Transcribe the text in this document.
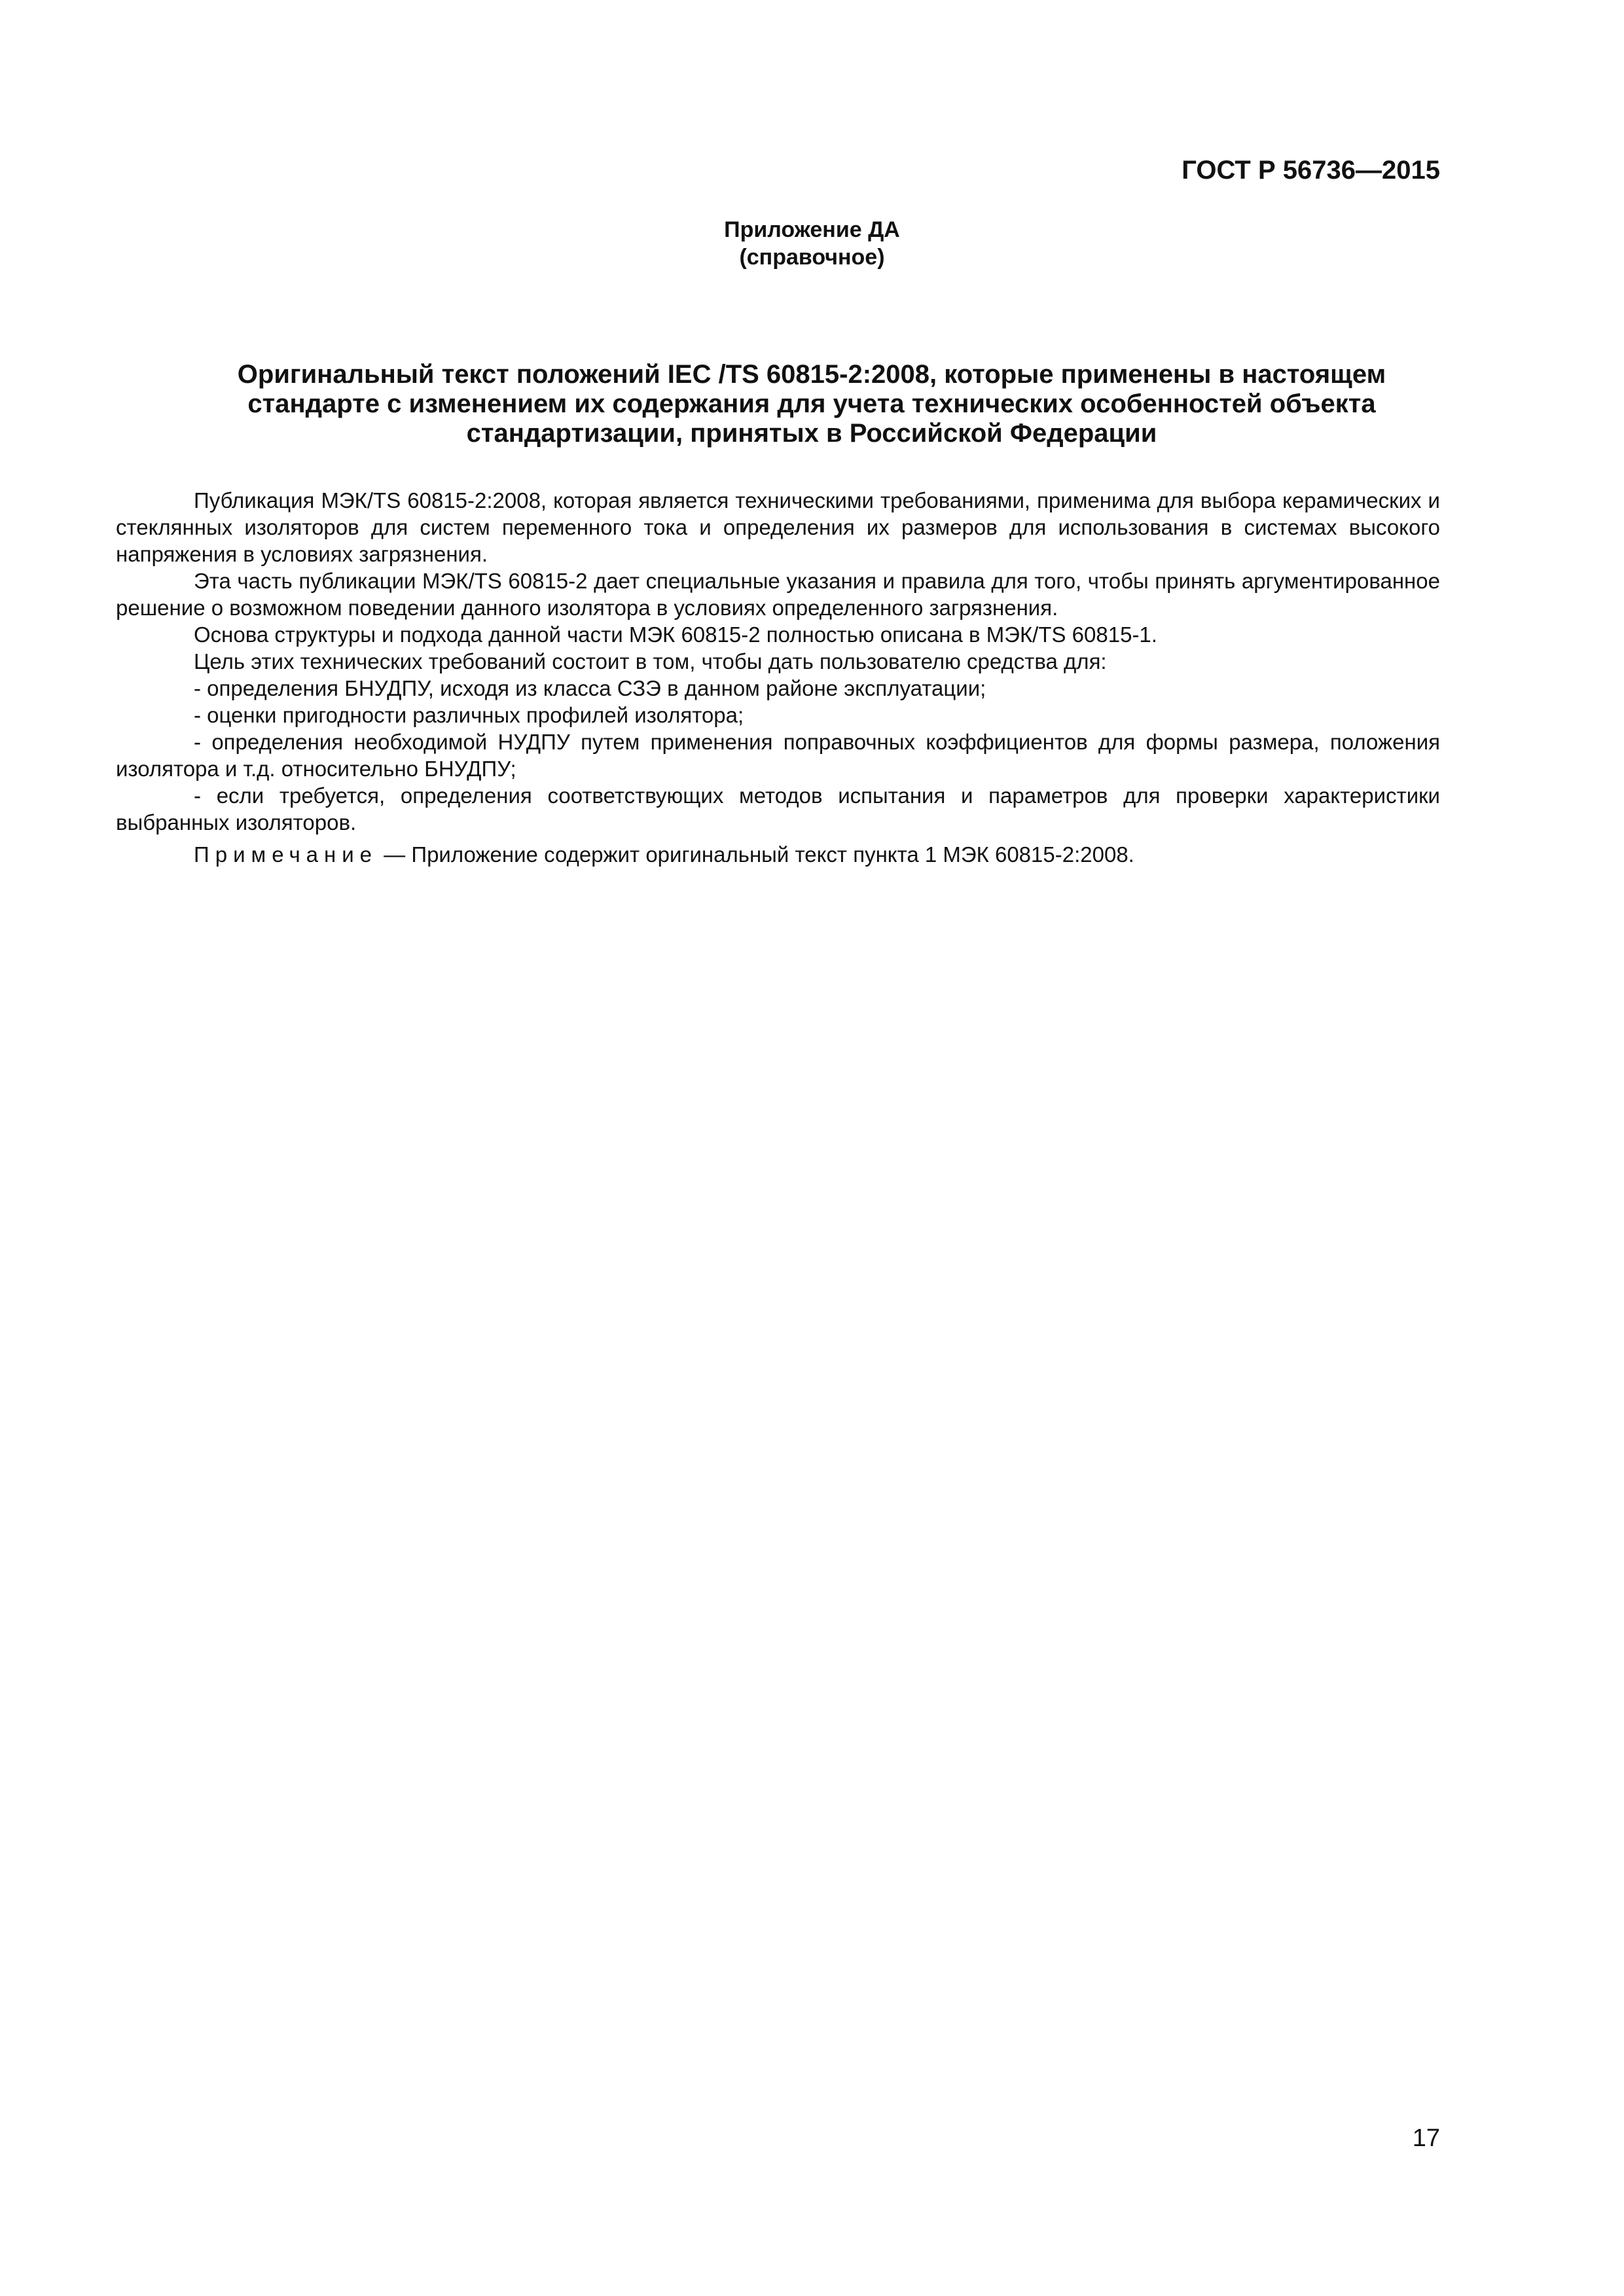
ГОСТ Р 56736—2015
Приложение ДА
(справочное)
Оригинальный текст положений IEC /TS 60815-2:2008, которые применены в настоящем
стандарте с изменением их содержания для учета технических особенностей объекта
стандартизации, принятых в Российской Федерации

Публикация МЭК/TS 60815-2:2008, которая является техническими требованиями, применима для выбора керамических и стеклянных изоляторов для систем переменного тока и определения их размеров для использования в системах высокого напряжения в условиях загрязнения.

Эта часть публикации МЭК/TS 60815-2 дает специальные указания и правила для того, чтобы принять аргументированное решение о возможном поведении данного изолятора в условиях определенного загрязнения.

Основа структуры и подхода данной части МЭК 60815-2 полностью описана в МЭК/TS 60815-1.

Цель этих технических требований состоит в том, чтобы дать пользователю средства для:

- определения БНУДПУ, исходя из класса СЗЭ в данном районе эксплуатации;

- оценки пригодности различных профилей изолятора;

- определения необходимой НУДПУ путем применения поправочных коэффициентов для формы размера, положения изолятора и т.д. относительно БНУДПУ;

- если требуется, определения соответствующих методов испытания и параметров для проверки характеристики выбранных изоляторов.

Примечание — Приложение содержит оригинальный текст пункта 1 МЭК 60815-2:2008.

17
